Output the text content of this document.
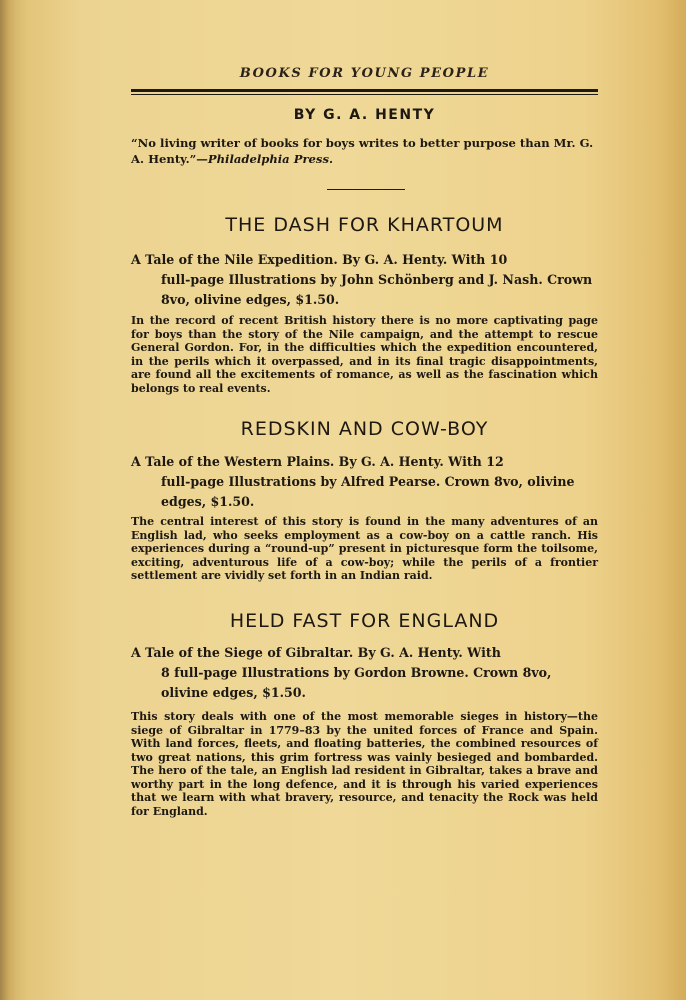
BOOKS FOR YOUNG PEOPLE
BY G. A. HENTY
“No living writer of books for boys writes to better purpose than Mr. G. A. Henty.”—Philadelphia Press.
THE DASH FOR KHARTOUM
A Tale of the Nile Expedition. By G. A. Henty. With 10
full-page Illustrations by John Schönberg and J. Nash. Crown 8vo, olivine edges, $1.50.
In the record of recent British history there is no more captivating page for boys than the story of the Nile campaign, and the attempt to rescue General Gordon. For, in the difficulties which the expedition encountered, in the perils which it overpassed, and in its final tragic disappointments, are found all the excitements of romance, as well as the fascination which belongs to real events.
REDSKIN AND COW-BOY
A Tale of the Western Plains. By G. A. Henty. With 12
full-page Illustrations by Alfred Pearse. Crown 8vo, olivine edges, $1.50.
The central interest of this story is found in the many adventures of an English lad, who seeks employment as a cow-boy on a cattle ranch. His experiences during a “round-up” present in picturesque form the toilsome, exciting, adventurous life of a cow-boy; while the perils of a frontier settlement are vividly set forth in an Indian raid.
HELD FAST FOR ENGLAND
A Tale of the Siege of Gibraltar. By G. A. Henty. With
8 full-page Illustrations by Gordon Browne. Crown 8vo, olivine edges, $1.50.
This story deals with one of the most memorable sieges in history—the siege of Gibraltar in 1779–83 by the united forces of France and Spain. With land forces, fleets, and floating batteries, the combined resources of two great nations, this grim fortress was vainly besieged and bombarded. The hero of the tale, an English lad resident in Gibraltar, takes a brave and worthy part in the long defence, and it is through his varied experiences that we learn with what bravery, resource, and tenacity the Rock was held for England.
